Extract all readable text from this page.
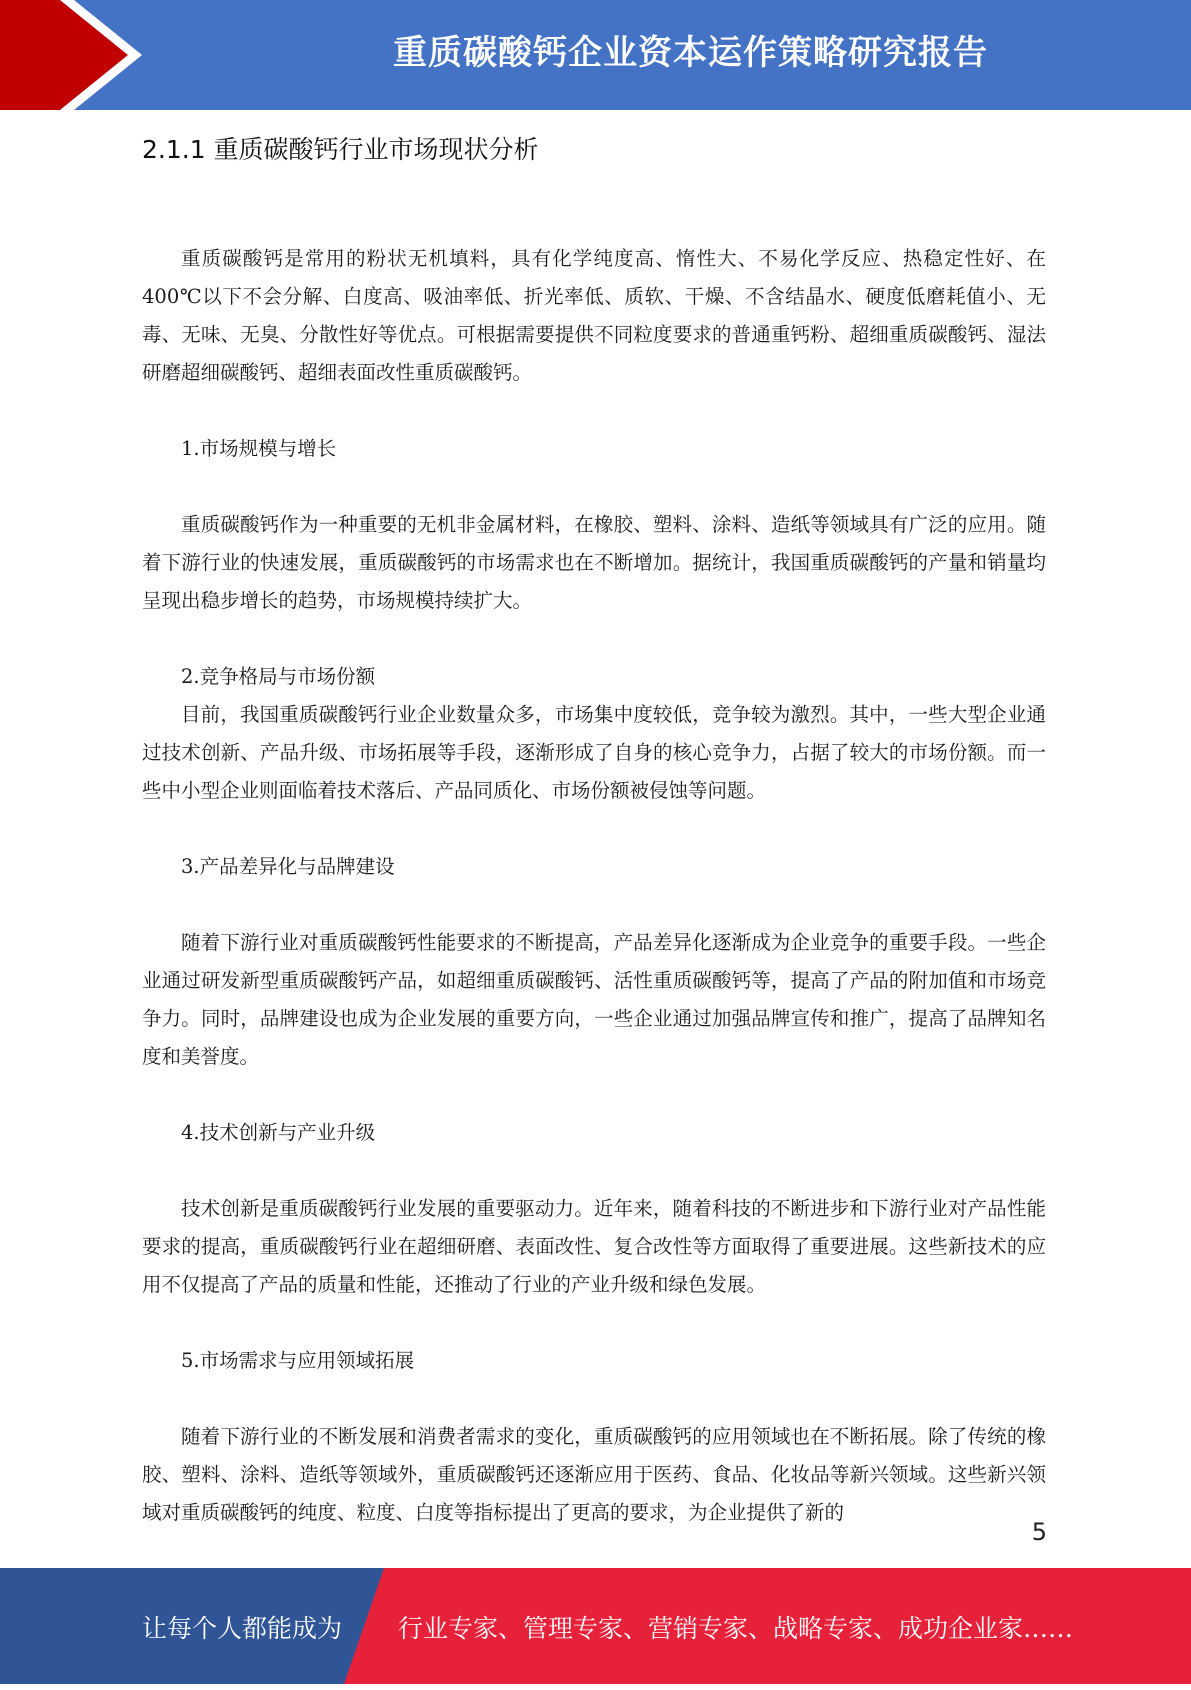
重质碳酸钙企业资本运作策略研究报告
2.1.1 重质碳酸钙行业市场现状分析

重质碳酸钙是常用的粉状无机填料，具有化学纯度高、惰性大、不易化学反应、热稳定性好、在 400℃以下不会分解、白度高、吸油率低、折光率低、质软、干燥、不含结晶水、硬度低磨耗值小、无毒、无味、无臭、分散性好等优点。可根据需要提供不同粒度要求的普通重钙粉、超细重质碳酸钙、湿法研磨超细碳酸钙、超细表面改性重质碳酸钙。

1.市场规模与增长

重质碳酸钙作为一种重要的无机非金属材料，在橡胶、塑料、涂料、造纸等领域具有广泛的应用。随着下游行业的快速发展，重质碳酸钙的市场需求也在不断增加。据统计，我国重质碳酸钙的产量和销量均呈现出稳步增长的趋势，市场规模持续扩大。

2.竞争格局与市场份额

目前，我国重质碳酸钙行业企业数量众多，市场集中度较低，竞争较为激烈。其中，一些大型企业通过技术创新、产品升级、市场拓展等手段，逐渐形成了自身的核心竞争力，占据了较大的市场份额。而一些中小型企业则面临着技术落后、产品同质化、市场份额被侵蚀等问题。

3.产品差异化与品牌建设

随着下游行业对重质碳酸钙性能要求的不断提高，产品差异化逐渐成为企业竞争的重要手段。一些企业通过研发新型重质碳酸钙产品，如超细重质碳酸钙、活性重质碳酸钙等，提高了产品的附加值和市场竞争力。同时，品牌建设也成为企业发展的重要方向，一些企业通过加强品牌宣传和推广，提高了品牌知名度和美誉度。

4.技术创新与产业升级

技术创新是重质碳酸钙行业发展的重要驱动力。近年来，随着科技的不断进步和下游行业对产品性能要求的提高，重质碳酸钙行业在超细研磨、表面改性、复合改性等方面取得了重要进展。这些新技术的应用不仅提高了产品的质量和性能，还推动了行业的产业升级和绿色发展。

5.市场需求与应用领域拓展

随着下游行业的不断发展和消费者需求的变化，重质碳酸钙的应用领域也在不断拓展。除了传统的橡胶、塑料、涂料、造纸等领域外，重质碳酸钙还逐渐应用于医药、食品、化妆品等新兴领域。这些新兴领域对重质碳酸钙的纯度、粒度、白度等指标提出了更高的要求，为企业提供了新的

5
让每个人都能成为 行业专家、管理专家、营销专家、战略专家、成功企业家……
